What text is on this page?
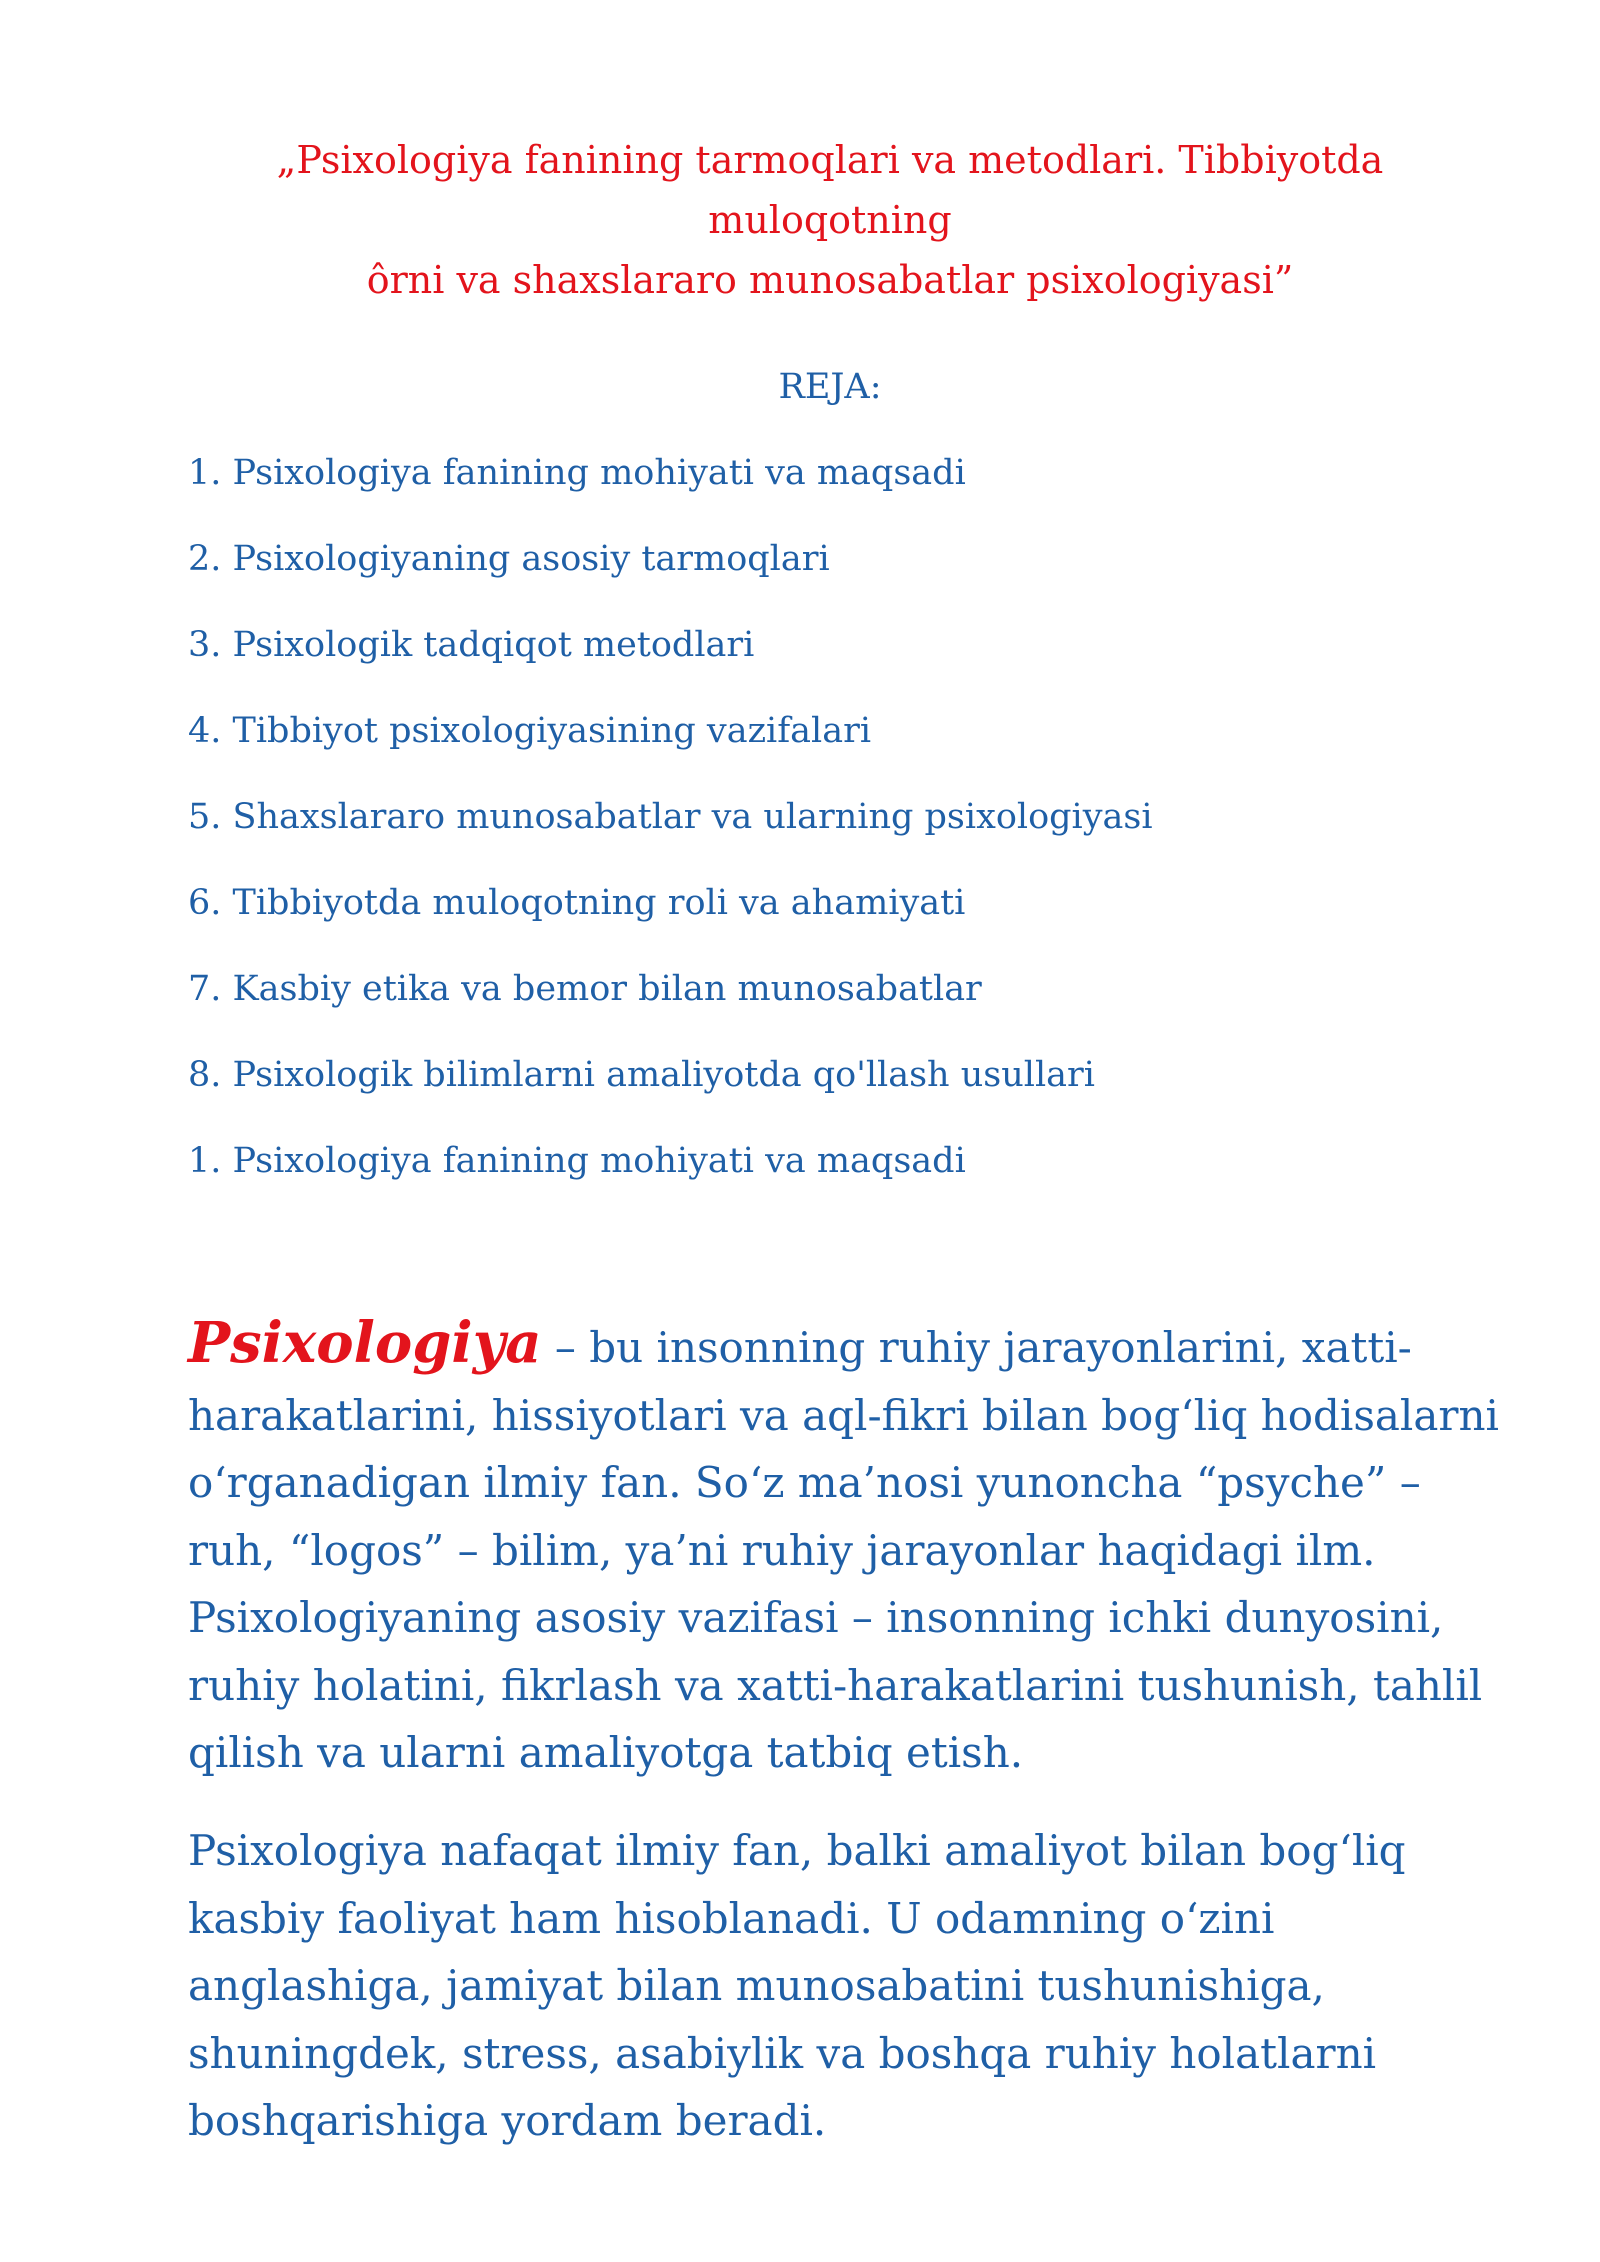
„Psixologiya fanining tarmoqlari va metodlari. Tibbiyotda muloqotning
ôrni va shaxslararo munosabatlar psixologiyasi”
REJA:
1. Psixologiya fanining mohiyati va maqsadi
2. Psixologiyaning asosiy tarmoqlari
3. Psixologik tadqiqot metodlari
4. Tibbiyot psixologiyasining vazifalari
5. Shaxslararo munosabatlar va ularning psixologiyasi
6. Tibbiyotda muloqotning roli va ahamiyati
7. Kasbiy etika va bemor bilan munosabatlar
8. Psixologik bilimlarni amaliyotda qo'llash usullari
1. Psixologiya fanining mohiyati va maqsadi

Psixologiya – bu insonning ruhiy jarayonlarini, xatti-harakatlarini, hissiyotlari va aql-fikri bilan bog‘liq hodisalarni o‘rganadigan ilmiy fan. So‘z ma’nosi yunoncha “psyche” – ruh, “logos” – bilim, ya’ni ruhiy jarayonlar haqidagi ilm. Psixologiyaning asosiy vazifasi – insonning ichki dunyosini, ruhiy holatini, fikrlash va xatti-harakatlarini tushunish, tahlil qilish va ularni amaliyotga tatbiq etish.

Psixologiya nafaqat ilmiy fan, balki amaliyot bilan bog‘liq kasbiy faoliyat ham hisoblanadi. U odamning o‘zini anglashiga, jamiyat bilan munosabatini tushunishiga, shuningdek, stress, asabiylik va boshqa ruhiy holatlarni boshqarishiga yordam beradi.
